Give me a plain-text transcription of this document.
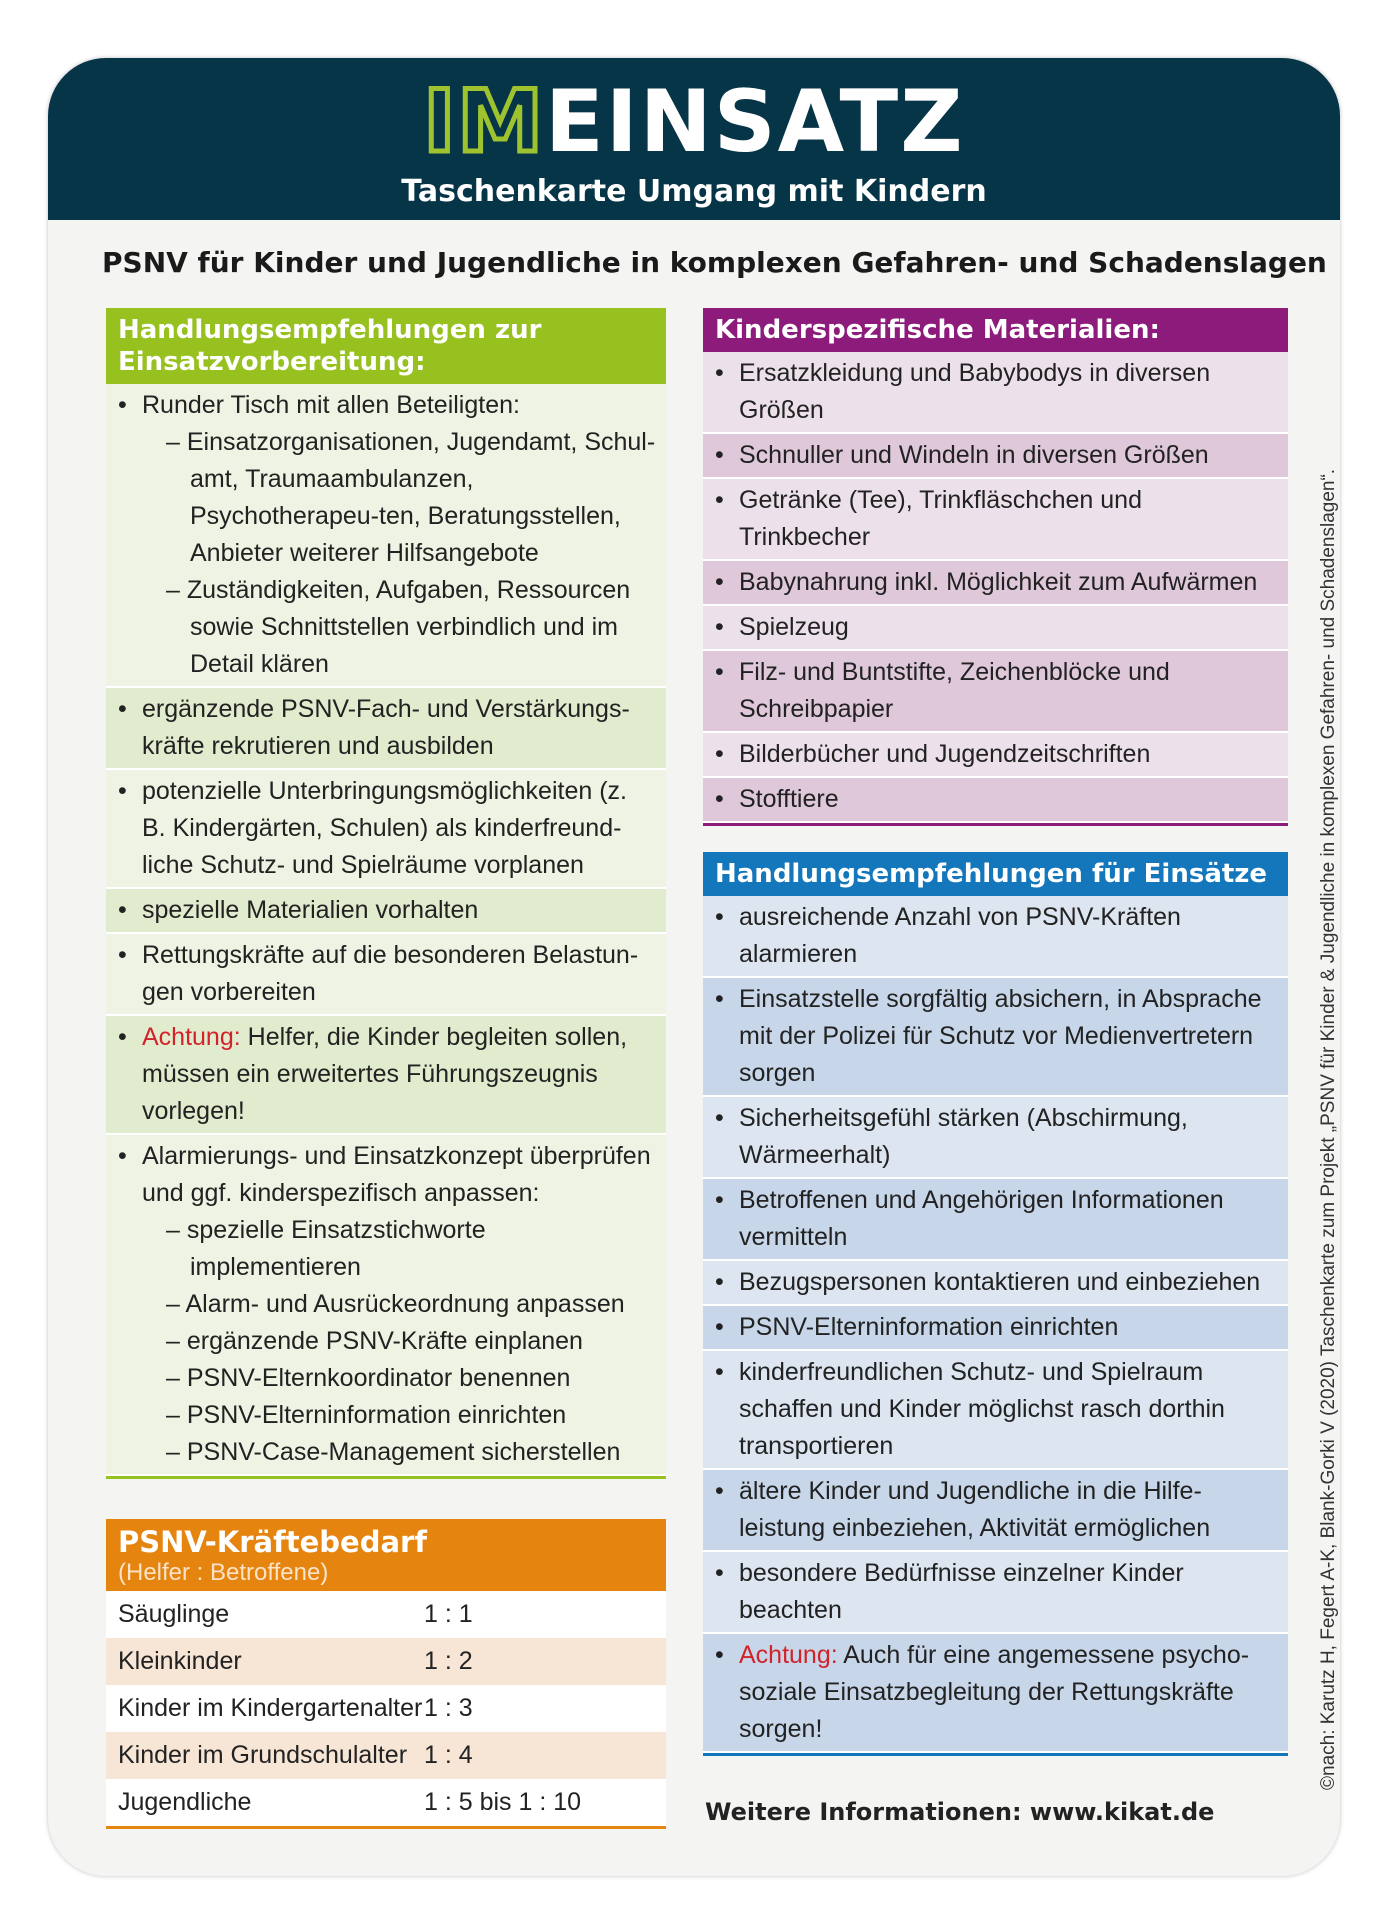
IMEINSATZ
Taschenkarte Umgang mit Kindern
PSNV für Kinder und Jugendliche in komplexen Gefahren- und Schadenslagen
Handlungsempfehlungen zur Einsatzvorbereitung:
• Runder Tisch mit allen Beteiligten:
– Einsatzorganisationen, Jugendamt, Schul-amt, Traumaambulanzen, Psychotherapeu-ten, Beratungsstellen, Anbieter weiterer Hilfsangebote
– Zuständigkeiten, Aufgaben, Ressourcen sowie Schnittstellen verbindlich und im Detail klären
• ergänzende PSNV-Fach- und Verstärkungs-kräfte rekrutieren und ausbilden
• potenzielle Unterbringungsmöglichkeiten (z. B. Kindergärten, Schulen) als kinderfreund-liche Schutz- und Spielräume vorplanen
• spezielle Materialien vorhalten
• Rettungskräfte auf die besonderen Belastun-gen vorbereiten
• Achtung: Helfer, die Kinder begleiten sollen, müssen ein erweitertes Führungszeugnis vorlegen!
• Alarmierungs- und Einsatzkonzept überprüfen und ggf. kinderspezifisch anpassen:
– spezielle Einsatzstichworte implementieren
– Alarm- und Ausrückeordnung anpassen
– ergänzende PSNV-Kräfte einplanen
– PSNV-Elternkoordinator benennen
– PSNV-Elterninformation einrichten
– PSNV-Case-Management sicherstellen
PSNV-Kräftebedarf
(Helfer : Betroffene)
Säuglinge	1 : 1
Kleinkinder	1 : 2
Kinder im Kindergartenalter 1 : 3
Kinder im Grundschulalter 1 : 4
Jugendliche	1 : 5 bis 1 : 10
Kinderspezifische Materialien:
• Ersatzkleidung und Babybodys in diversen Größen
• Schnuller und Windeln in diversen Größen
• Getränke (Tee), Trinkfläschchen und Trinkbecher
• Babynahrung inkl. Möglichkeit zum Aufwärmen
• Spielzeug
• Filz- und Buntstifte, Zeichenblöcke und Schreibpapier
• Bilderbücher und Jugendzeitschriften
• Stofftiere
Handlungsempfehlungen für Einsätze
• ausreichende Anzahl von PSNV-Kräften alarmieren
• Einsatzstelle sorgfältig absichern, in Absprache mit der Polizei für Schutz vor Medienvertretern sorgen
• Sicherheitsgefühl stärken (Abschirmung, Wärmeerhalt)
• Betroffenen und Angehörigen Informationen vermitteln
• Bezugspersonen kontaktieren und einbeziehen
• PSNV-Elterninformation einrichten
• kinderfreundlichen Schutz- und Spielraum schaffen und Kinder möglichst rasch dorthin transportieren
• ältere Kinder und Jugendliche in die Hilfe-leistung einbeziehen, Aktivität ermöglichen
• besondere Bedürfnisse einzelner Kinder beachten
• Achtung: Auch für eine angemessene psycho-soziale Einsatzbegleitung der Rettungskräfte sorgen!
Weitere Informationen: www.kikat.de
©nach: Karutz H, Fegert A-K, Blank-Gorki V (2020) Taschenkarte zum Projekt „PSNV für Kinder & Jugendliche in komplexen Gefahren- und Schadenslagen“.
